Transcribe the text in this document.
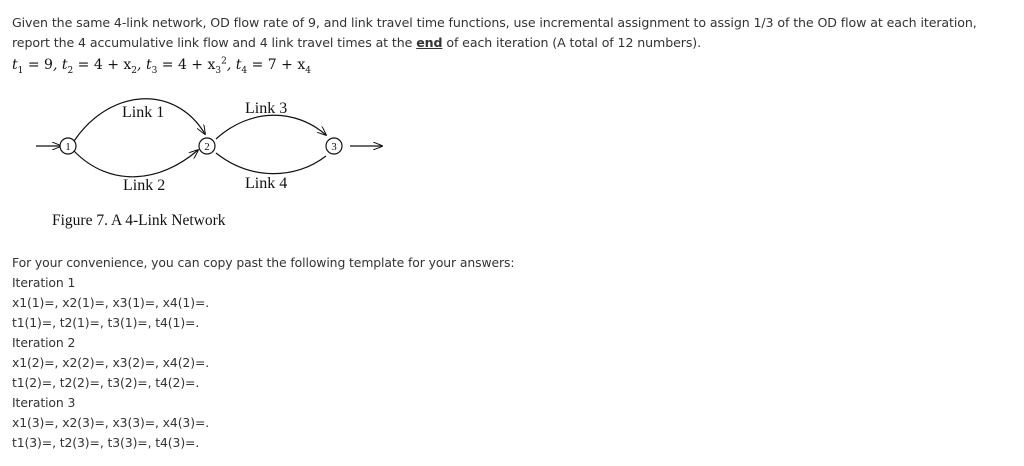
Given the same 4-link network, OD flow rate of 9, and link travel time functions, use incremental assignment to assign 1/3 of the OD flow at each iteration, report the 4 accumulative link flow and 4 link travel times at the end of each iteration (A total of 12 numbers).
$t_1 = 9$, $t_2 = 4 + x_2$, $t_3 = 4 + x_3^2$, $t_4 = 7 + x_4$
1	2	3
Link 1
Link 2
Link 3
Link 4
Figure 7. A 4-Link Network
For your convenience, you can copy past the following template for your answers:
Iteration 1
x1(1)=, x2(1)=, x3(1)=, x4(1)=.
t1(1)=, t2(1)=, t3(1)=, t4(1)=.
Iteration 2
x1(2)=, x2(2)=, x3(2)=, x4(2)=.
t1(2)=, t2(2)=, t3(2)=, t4(2)=.
Iteration 3
x1(3)=, x2(3)=, x3(3)=, x4(3)=.
t1(3)=, t2(3)=, t3(3)=, t4(3)=.
